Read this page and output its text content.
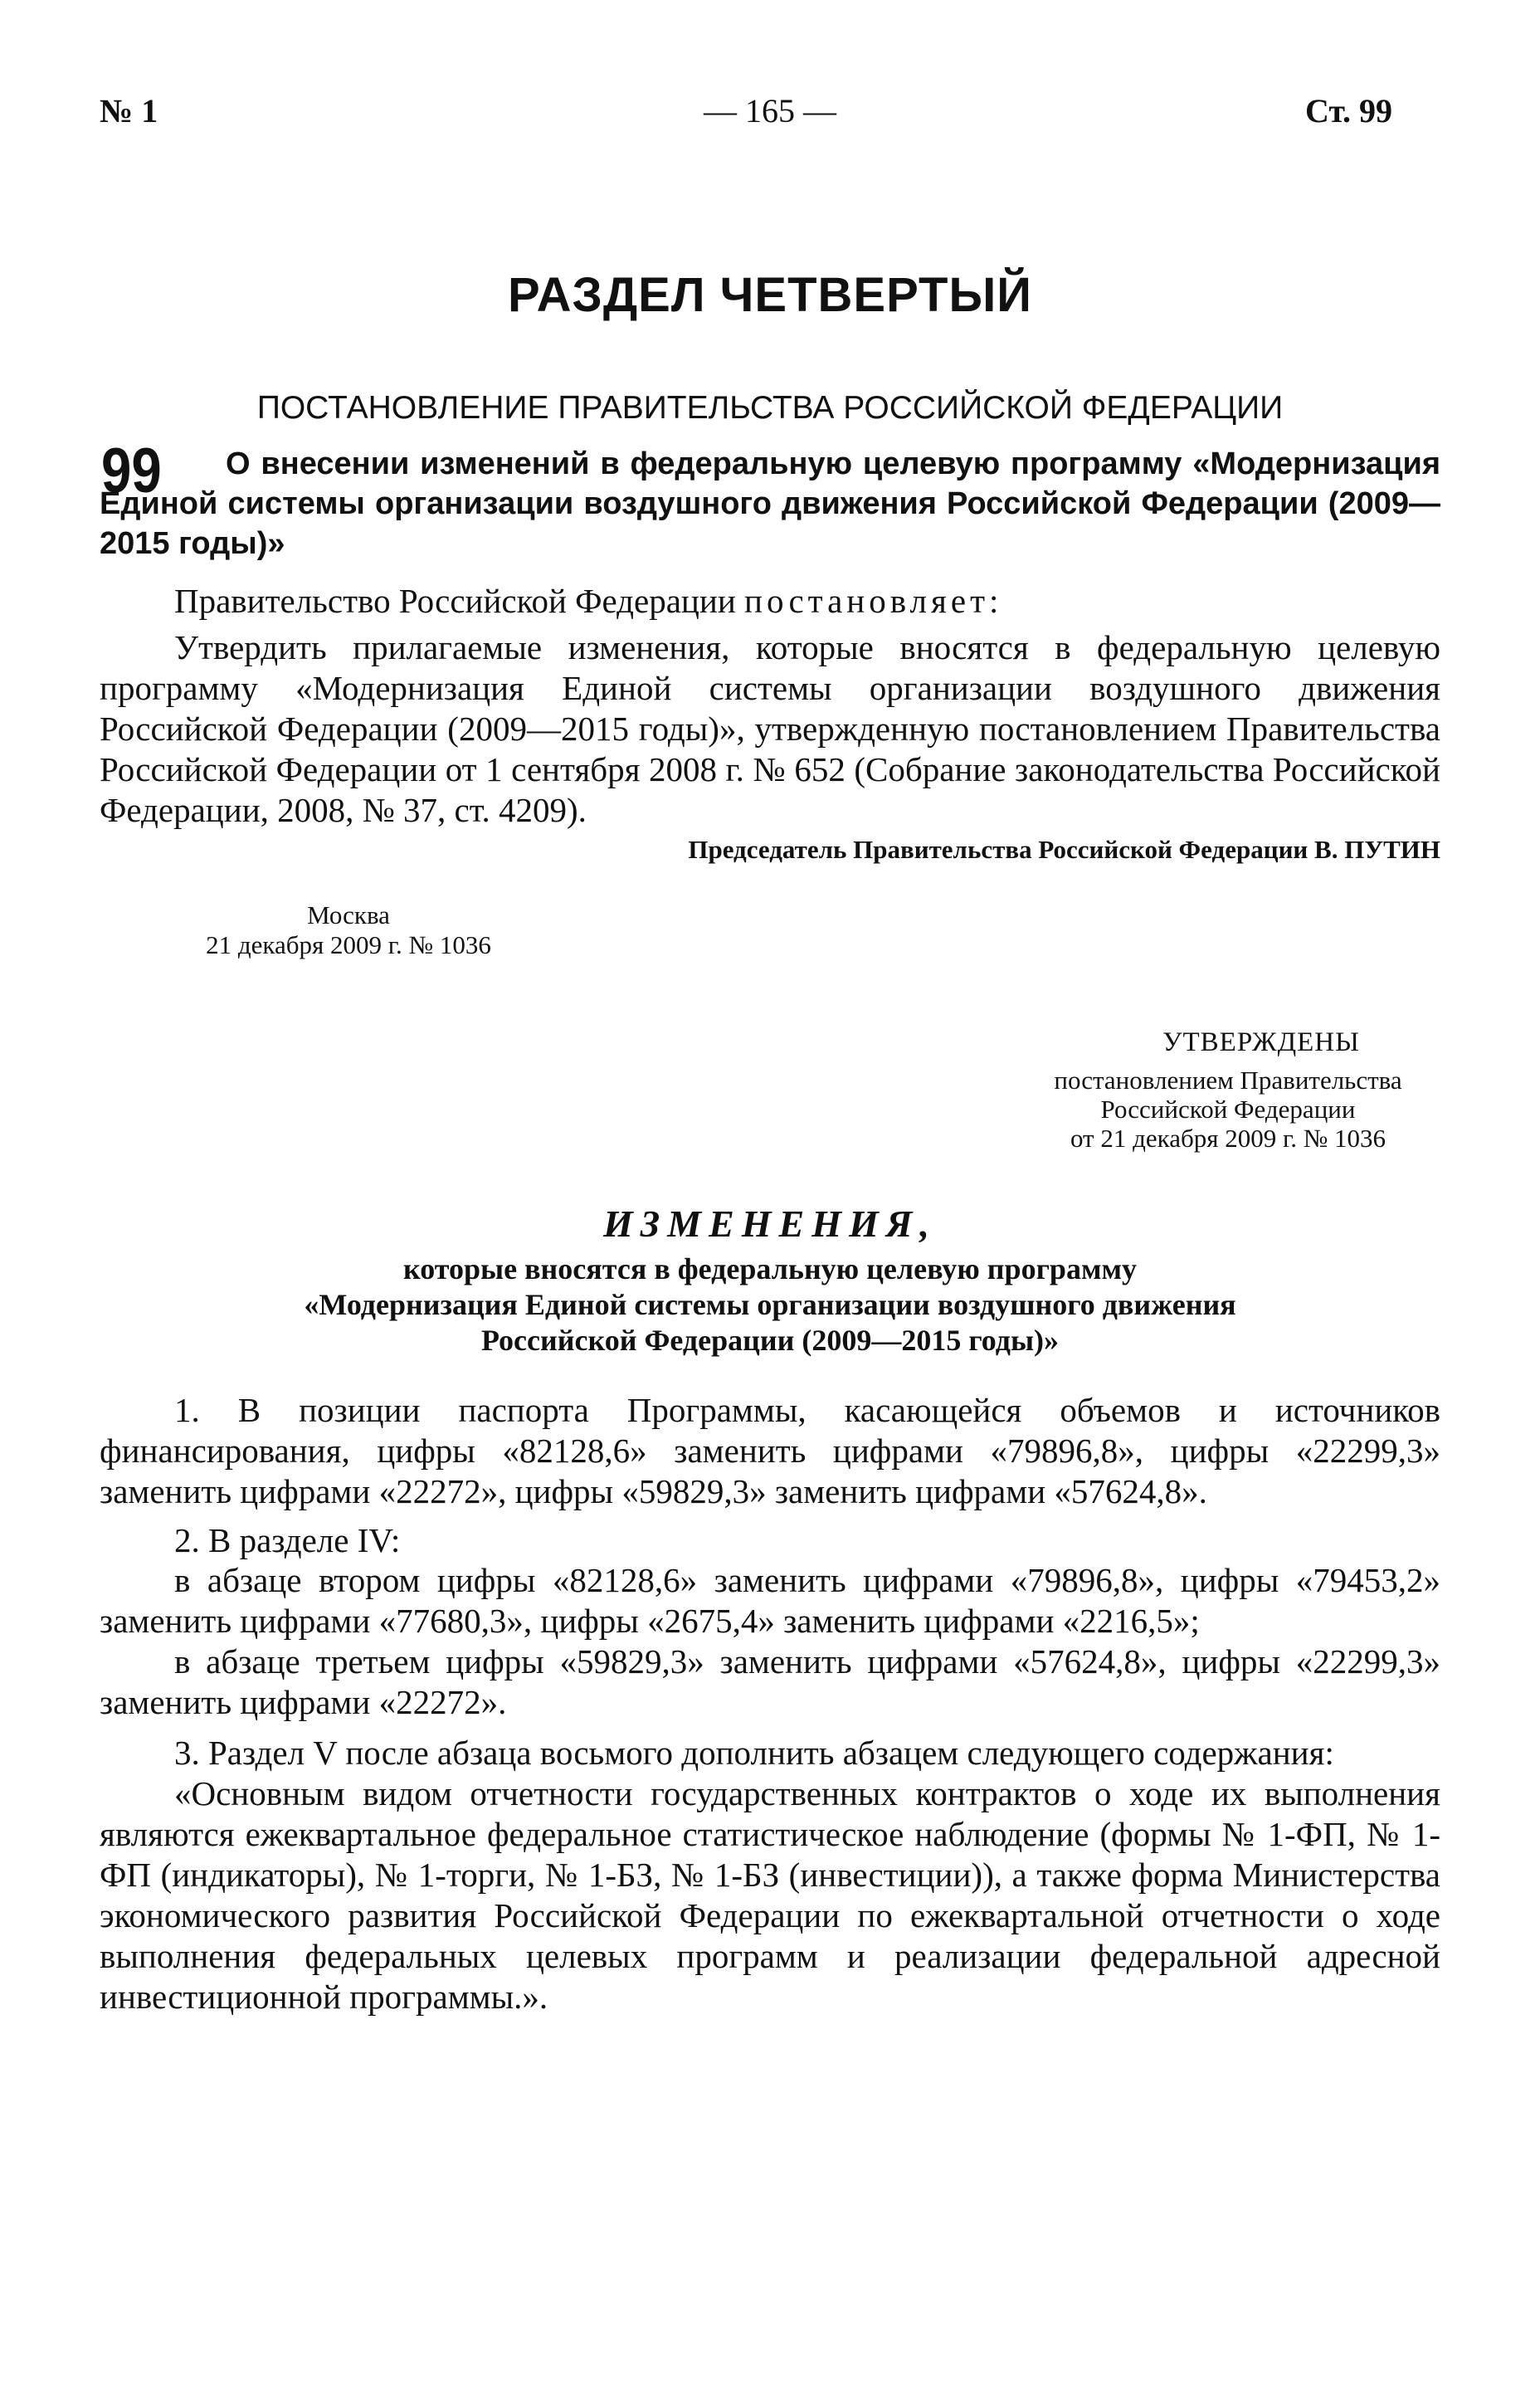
№ 1	— 165 —	Ст. 99
РАЗДЕЛ ЧЕТВЕРТЫЙ
ПОСТАНОВЛЕНИЕ ПРАВИТЕЛЬСТВА РОССИЙСКОЙ ФЕДЕРАЦИИ
99	О внесении изменений в федеральную целевую программу «Модернизация Единой системы организации воздушного движения Российской Федерации (2009—2015 годы)»

Правительство Российской Федерации постановляет:

Утвердить прилагаемые изменения, которые вносятся в федеральную целевую программу «Модернизация Единой системы организации воздушного движения Российской Федерации (2009—2015 годы)», утвержденную постановлением Правительства Российской Федерации от 1 сентября 2008 г. № 652 (Собрание законодательства Российской Федерации, 2008, № 37, ст. 4209).

Председатель Правительства Российской Федерации В. ПУТИН
Москва
21 декабря 2009 г. № 1036
УТВЕРЖДЕНЫ
постановлением Правительства
Российской Федерации
от 21 декабря 2009 г. № 1036
ИЗМЕНЕНИЯ,
которые вносятся в федеральную целевую программу
«Модернизация Единой системы организации воздушного движения
Российской Федерации (2009—2015 годы)»

1. В позиции паспорта Программы, касающейся объемов и источников финансирования, цифры «82128,6» заменить цифрами «79896,8», цифры «22299,3» заменить цифрами «22272», цифры «59829,3» заменить цифрами «57624,8».

2. В разделе IV:

в абзаце втором цифры «82128,6» заменить цифрами «79896,8», цифры «79453,2» заменить цифрами «77680,3», цифры «2675,4» заменить цифрами «2216,5»;

в абзаце третьем цифры «59829,3» заменить цифрами «57624,8», цифры «22299,3» заменить цифрами «22272».

3. Раздел V после абзаца восьмого дополнить абзацем следующего содержания:

«Основным видом отчетности государственных контрактов о ходе их выполнения являются ежеквартальное федеральное статистическое наблюдение (формы № 1-ФП, № 1-ФП (индикаторы), № 1-торги, № 1-БЗ, № 1-БЗ (инвестиции)), а также форма Министерства экономического развития Российской Федерации по ежеквартальной отчетности о ходе выполнения федеральных целевых программ и реализации федеральной адресной инвестиционной программы.».
